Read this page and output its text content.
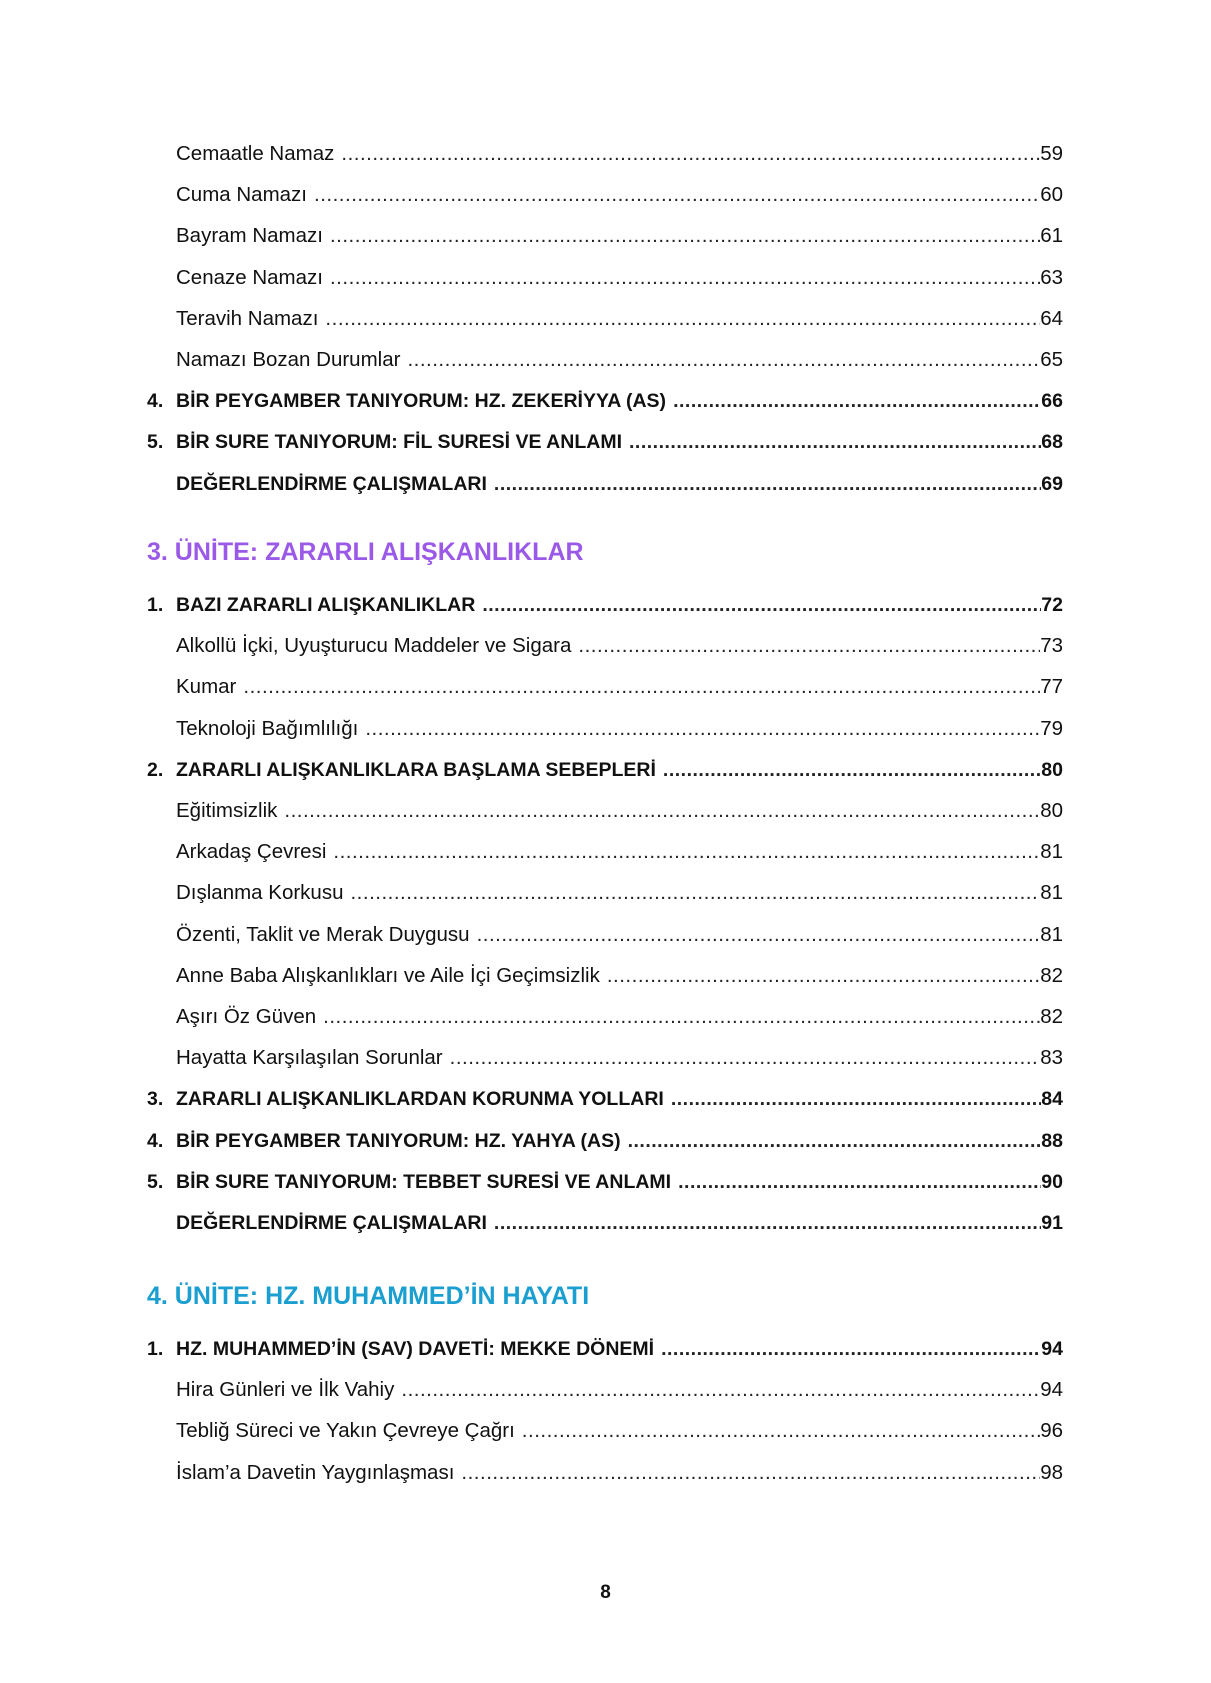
Cemaatle Namaz .....	59
Cuma Namazı .....	60
Bayram Namazı .....	61
Cenaze Namazı .....	63
Teravih Namazı .....	64
Namazı Bozan Durumlar .....	65
4. BİR PEYGAMBER TANIYORUM: HZ. ZEKERİYYA (AS) .....	66
5. BİR SURE TANIYORUM: FİL SURESİ VE ANLAMI .....	68
DEĞERLENDİRME ÇALIŞMALARI .....	69
3. ÜNİTE: ZARARLI ALIŞKANLIKLAR
1. BAZI ZARARLI ALIŞKANLIKLAR .....	72
Alkollü İçki, Uyuşturucu Maddeler ve Sigara .....	73
Kumar .....	77
Teknoloji Bağımlılığı .....	79
2. ZARARLI ALIŞKANLIKLARA BAŞLAMA SEBEPLERİ .....	80
Eğitimsizlik .....	80
Arkadaş Çevresi .....	81
Dışlanma Korkusu .....	81
Özenti, Taklit ve Merak Duygusu .....	81
Anne Baba Alışkanlıkları ve Aile İçi Geçimsizlik .....	82
Aşırı Öz Güven .....	82
Hayatta Karşılaşılan Sorunlar .....	83
3. ZARARLI ALIŞKANLIKLARDAN KORUNMA YOLLARI .....	84
4. BİR PEYGAMBER TANIYORUM: HZ. YAHYA (AS) .....	88
5. BİR SURE TANIYORUM: TEBBET SURESİ VE ANLAMI .....	90
DEĞERLENDİRME ÇALIŞMALARI .....	91
4. ÜNİTE: HZ. MUHAMMED’İN HAYATI
1. HZ. MUHAMMED’İN (SAV) DAVETİ: MEKKE DÖNEMİ .....	94
Hira Günleri ve İlk Vahiy .....	94
Tebliğ Süreci ve Yakın Çevreye Çağrı .....	96
İslam’a Davetin Yaygınlaşması .....	98
8
